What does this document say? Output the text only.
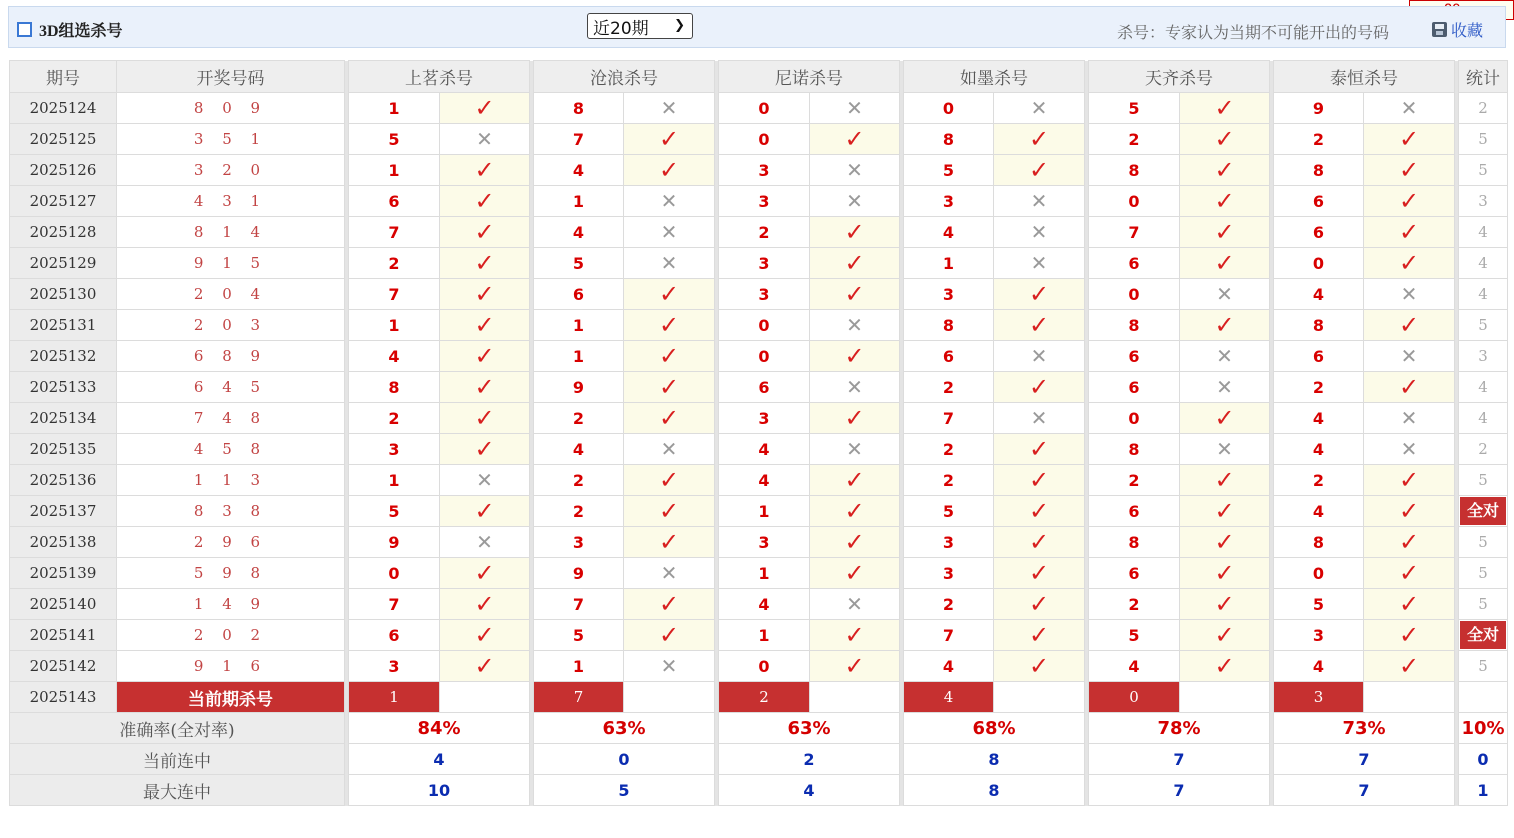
3D组选杀号	近20期 ❯	杀号：专家认为当期不可能开出的号码	收藏
期号	开奖号码		上茗杀号			沧浪杀号			尼诺杀号			如墨杀号			天齐杀号			泰恒杀号			统计
2025124	8 0 9		1	✓		8	✕		0	✕		0	✕		5	✓		9	✕		2
2025125	3 5 1		5	✕		7	✓		0	✓		8	✓		2	✓		2	✓		5
2025126	3 2 0		1	✓		4	✓		3	✕		5	✓		8	✓		8	✓		5
2025127	4 3 1		6	✓		1	✕		3	✕		3	✕		0	✓		6	✓		3
2025128	8 1 4		7	✓		4	✕		2	✓		4	✕		7	✓		6	✓		4
2025129	9 1 5		2	✓		5	✕		3	✓		1	✕		6	✓		0	✓		4
2025130	2 0 4		7	✓		6	✓		3	✓		3	✓		0	✕		4	✕		4
2025131	2 0 3		1	✓		1	✓		0	✕		8	✓		8	✓		8	✓		5
2025132	6 8 9		4	✓		1	✓		0	✓		6	✕		6	✕		6	✕		3
2025133	6 4 5		8	✓		9	✓		6	✕		2	✓		6	✕		2	✓		4
2025134	7 4 8		2	✓		2	✓		3	✓		7	✕		0	✓		4	✕		4
2025135	4 5 8		3	✓		4	✕		4	✕		2	✓		8	✕		4	✕		2
2025136	1 1 3		1	✕		2	✓		4	✓		2	✓		2	✓		2	✓		5
2025137	8 3 8		5	✓		2	✓		1	✓		5	✓		6	✓		4	✓		全对
2025138	2 9 6		9	✕		3	✓		3	✓		3	✓		8	✓		8	✓		5
2025139	5 9 8		0	✓		9	✕		1	✓		3	✓		6	✓		0	✓		5
2025140	1 4 9		7	✓		7	✓		4	✕		2	✓		2	✓		5	✓		5
2025141	2 0 2		6	✓		5	✓		1	✓		7	✓		5	✓		3	✓		全对
2025142	9 1 6		3	✓		1	✕		0	✓		4	✓		4	✓		4	✓		5
2025143	当前期杀号		1			7			2			4			0			3			
准确率(全对率)			84%			63%			63%			68%			78%			73%			10%
当前连中			4			0			2			8			7			7			0
最大连中			10			5			4			8			7			7			1
